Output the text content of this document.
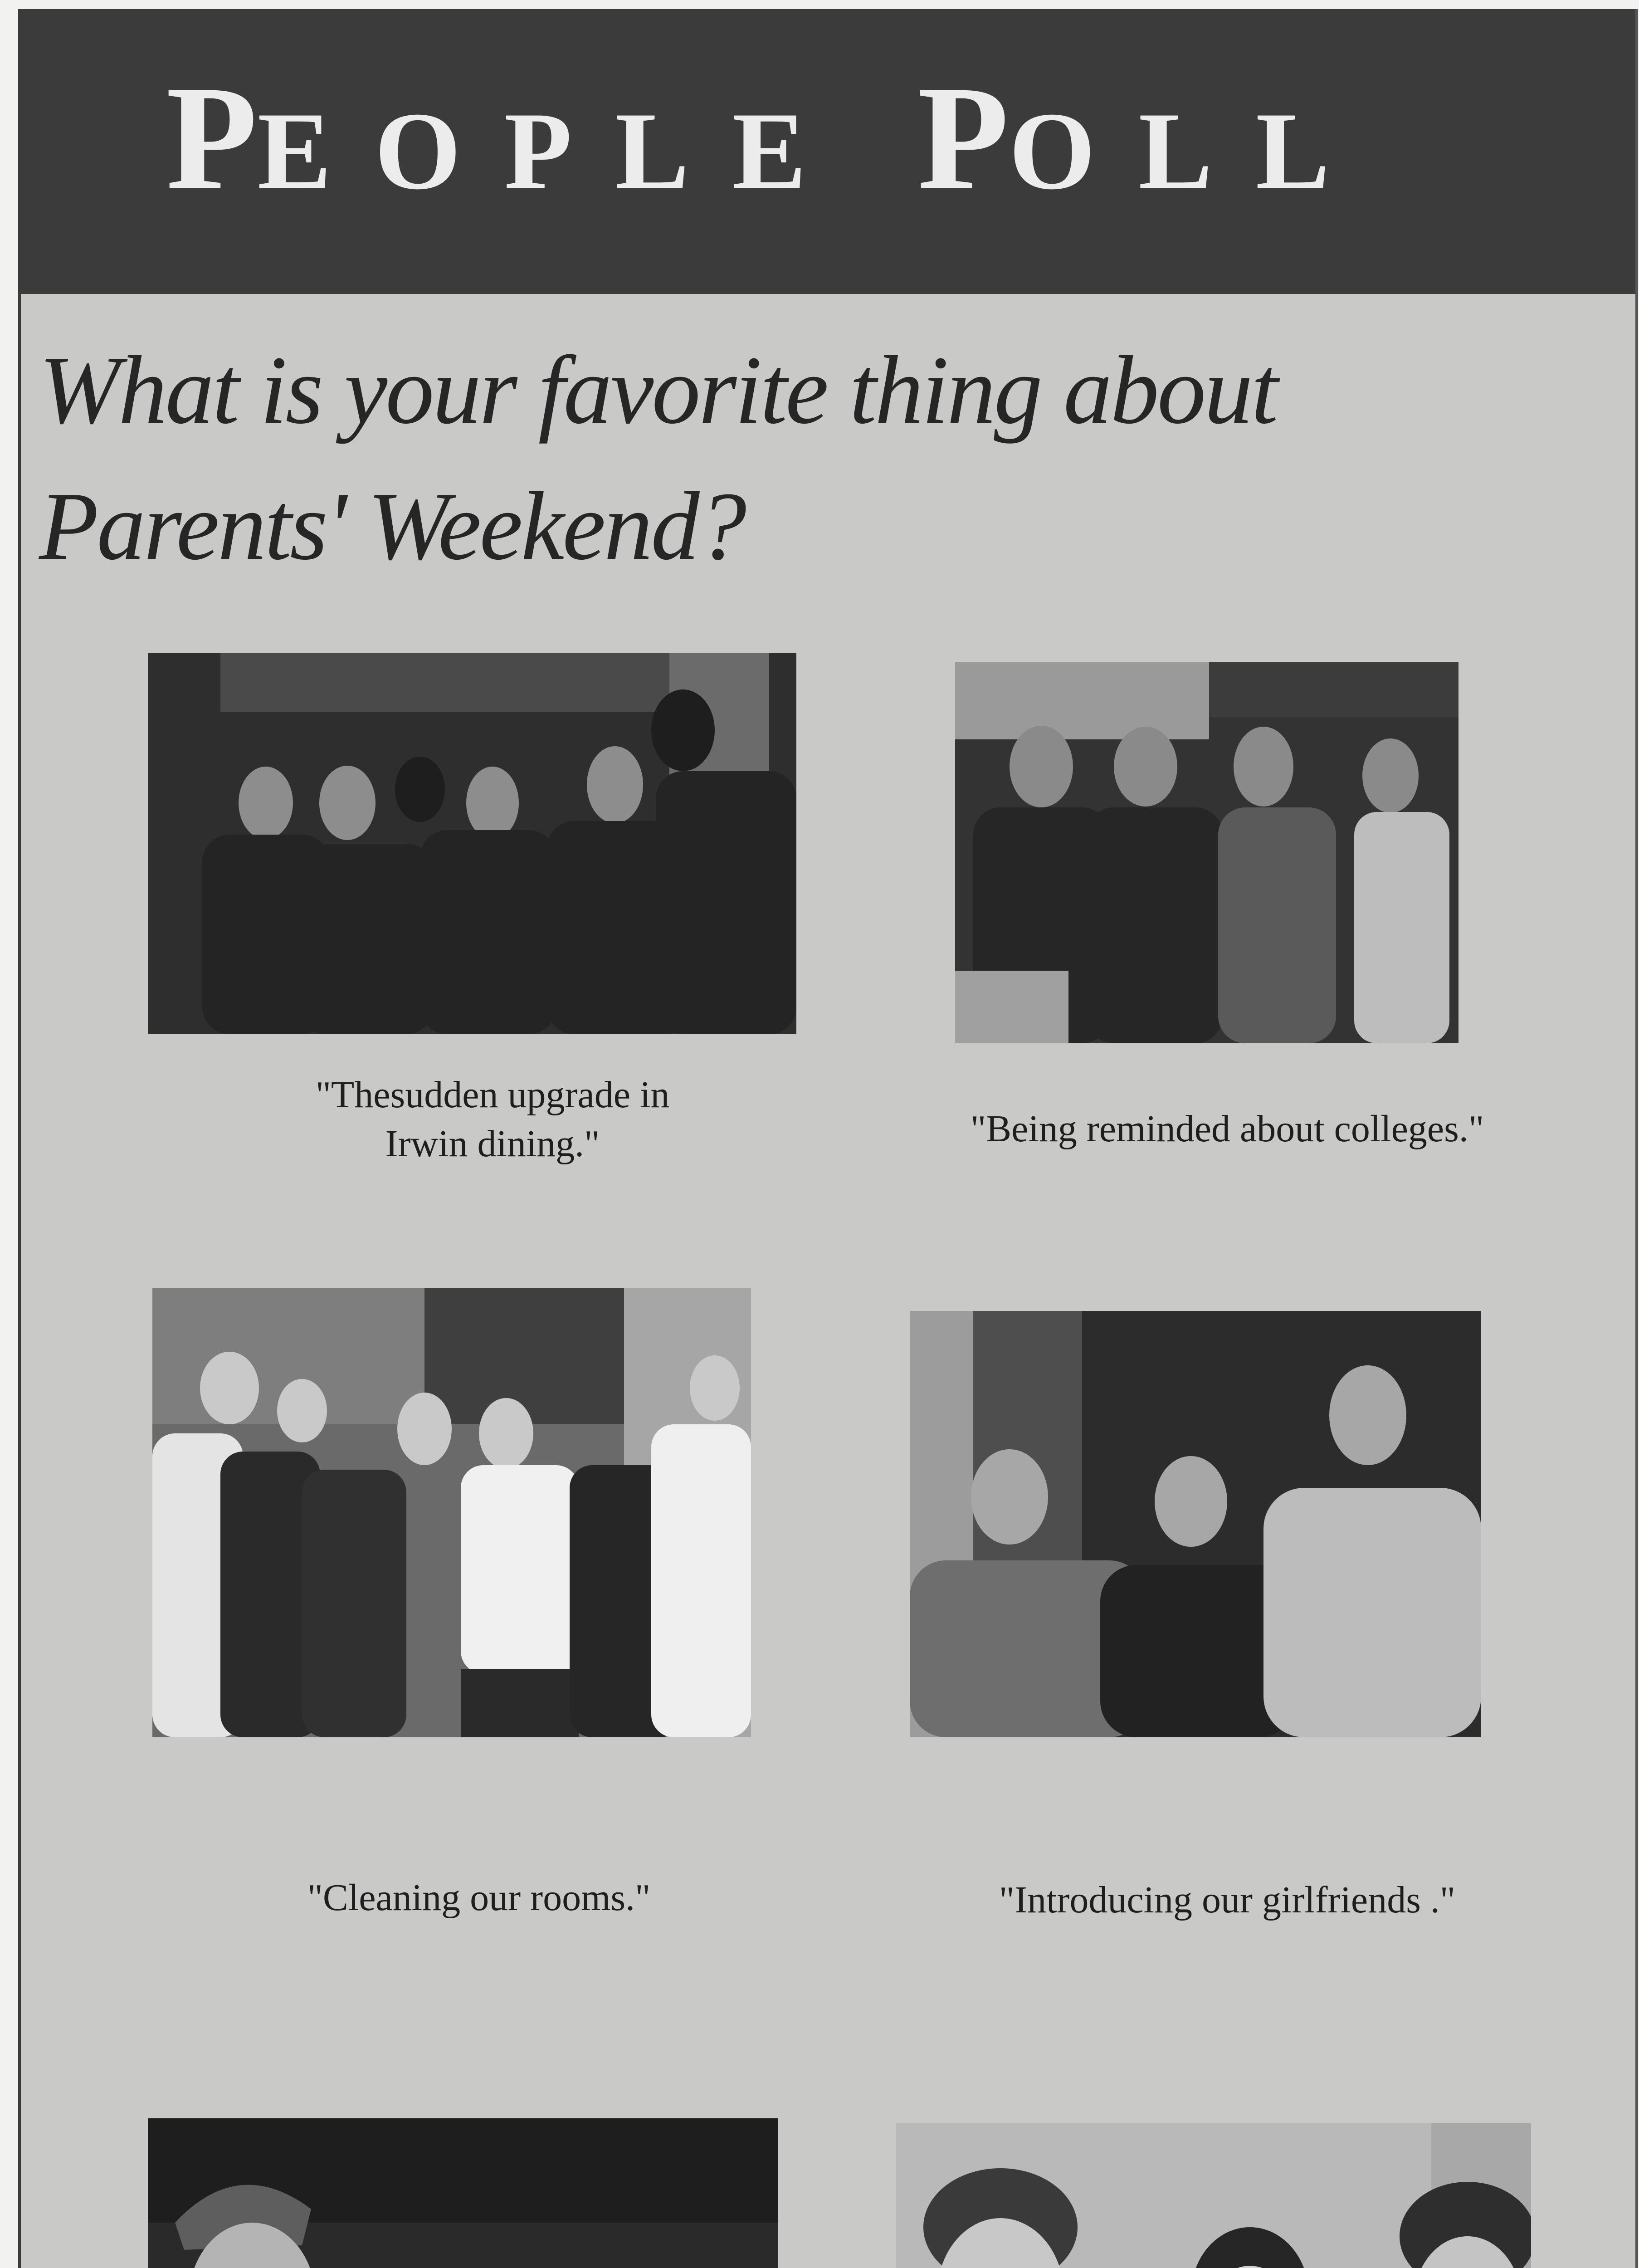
PEOPLE POLL
What is your favorite thing about Parents' Weekend?
"Thesudden upgrade in
Irwin dining."	"Being reminded about colleges."
"Cleaning our rooms."	"Introducing our girlfriends ."
